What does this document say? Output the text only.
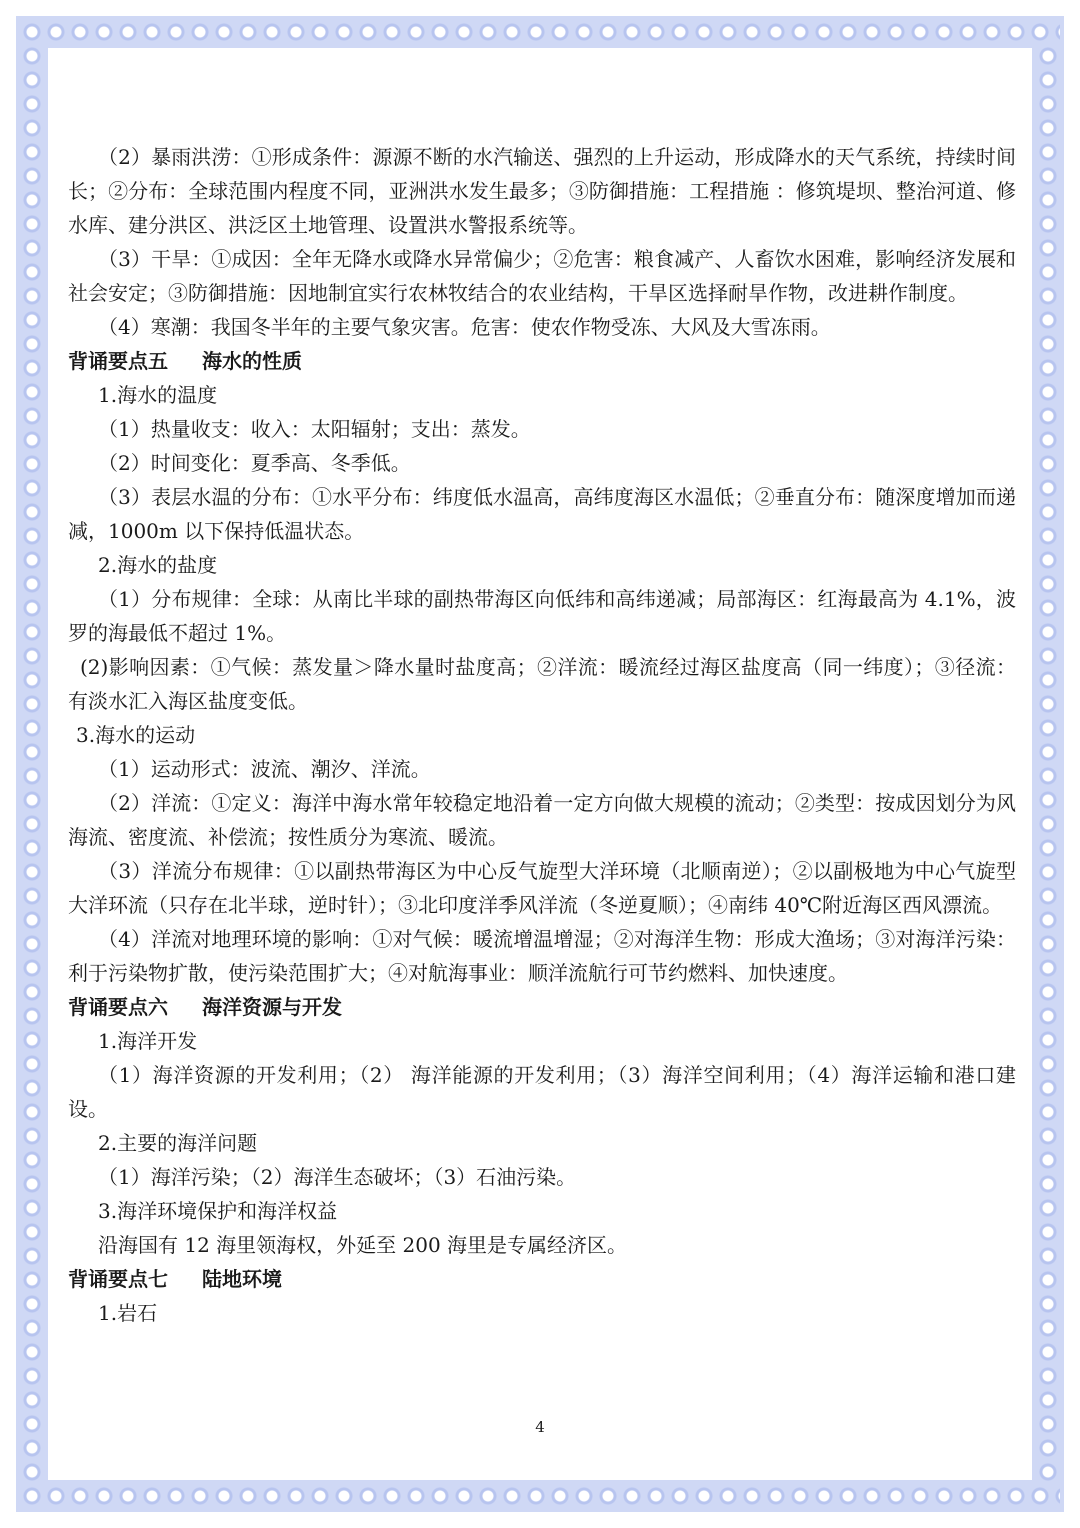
（2）暴雨洪涝：①形成条件：源源不断的水汽输送、强烈的上升运动，形成降水的天气系统，持续时间长；②分布：全球范围内程度不同，亚洲洪水发生最多；③防御措施：工程措施 ：修筑堤坝、整治河道、修水库、建分洪区、洪泛区土地管理、设置洪水警报系统等。

（3）干旱：①成因：全年无降水或降水异常偏少；②危害：粮食减产、人畜饮水困难，影响经济发展和社会安定；③防御措施：因地制宜实行农林牧结合的农业结构，干旱区选择耐旱作物，改进耕作制度。

（4）寒潮：我国冬半年的主要气象灾害。危害：使农作物受冻、大风及大雪冻雨。

背诵要点五 海水的性质

1.海水的温度

（1）热量收支：收入：太阳辐射；支出：蒸发。

（2）时间变化：夏季高、冬季低。

（3）表层水温的分布：①水平分布：纬度低水温高，高纬度海区水温低；②垂直分布：随深度增加而递减，1000m 以下保持低温状态。

2.海水的盐度

（1）分布规律：全球：从南比半球的副热带海区向低纬和高纬递减；局部海区：红海最高为 4.1%，波罗的海最低不超过 1%。

(2)影响因素：①气候：蒸发量＞降水量时盐度高；②洋流：暖流经过海区盐度高（同一纬度）；③径流：有淡水汇入海区盐度变低。

3.海水的运动

（1）运动形式：波流、潮汐、洋流。

（2）洋流：①定义：海洋中海水常年较稳定地沿着一定方向做大规模的流动；②类型：按成因划分为风海流、密度流、补偿流；按性质分为寒流、暖流。

（3）洋流分布规律：①以副热带海区为中心反气旋型大洋环境（北顺南逆）；②以副极地为中心气旋型大洋环流（只存在北半球，逆时针）；③北印度洋季风洋流（冬逆夏顺）；④南纬 40℃附近海区西风漂流。

（4）洋流对地理环境的影响：①对气候：暖流增温增湿；②对海洋生物：形成大渔场；③对海洋污染：利于污染物扩散，使污染范围扩大；④对航海事业：顺洋流航行可节约燃料、加快速度。

背诵要点六 海洋资源与开发

1.海洋开发

（1）海洋资源的开发利用；（2） 海洋能源的开发利用；（3）海洋空间利用；（4）海洋运输和港口建设。

2.主要的海洋问题

（1）海洋污染；（2）海洋生态破坏；（3）石油污染。

3.海洋环境保护和海洋权益

沿海国有 12 海里领海权，外延至 200 海里是专属经济区。

背诵要点七 陆地环境

1.岩石

4
